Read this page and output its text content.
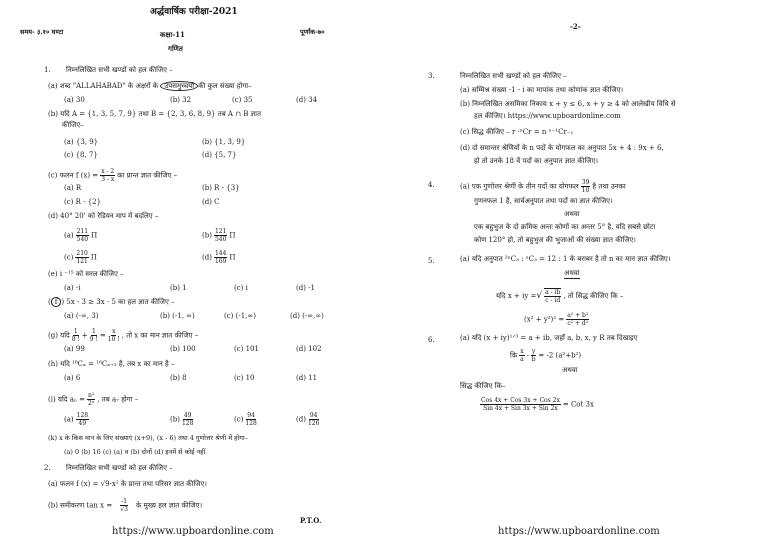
अर्द्धवार्षिक परीक्षा-2021
समय- ३.१० घण्टा	कक्षा-11	पूर्णांक-७०
गणित
1. निम्नलिखित सभी खण्डों को हल कीजिए –
(a) शब्द "ALLAHABAD" के अक्षरों के उपसमुच्चयों की कुल संख्या होगा–
(a) 30	(b) 32	(c) 35	(d) 34
(b) यदि A = {1, 3, 5, 7, 9} तथा B = {2, 3, 6, 8, 9} तब A ∩ B ज्ञात
कीजिए–
(a) {3, 9}	(b) {1, 3, 9}
(c) {8, 7}	(d) {5, 7}
(c) फलन f $(x) = \frac{x - 2}{3 - x}$ का प्रान्त ज्ञात कीजिए –
(a) R	(b) R - {3}
(c) R - {2}	(d) C
(d) 40° 20' को रेडियन माप में बदलिए –
$(a) \frac{211}{540}$ Π	$(b) \frac{121}{540}$ Π
$(c) \frac{210}{121}$ Π	$(d) \frac{144}{169}$ Π
(e) i ⁻¹⁵ को सरल कीजिए –
(a) -i	(b) 1	(c) i	(d) -1
( f ) 5x - 3 ≥ 3x - 5 का हल ज्ञात कीजिए –
(a) (-∞, 3)	(b) (-1, ∞)	(c) (-1,∞)	(d) (-∞,∞)
(g) यदि $\frac{1}{8 !} + \frac{1}{9 !} = \frac{x}{10 !}$ , तो x का मान ज्ञात कीजिए –
(a) 99	(b) 100	(c) 101	(d) 102
(h) यदि ¹⁸Cₓ = ¹⁸Cₓ₊₂ है, तब x का मान है –
(a) 6	(b) 8	(c) 10	(d) 11
(i) यदि $a_n = \frac{\text{n²}}{\text{2ⁿ}}$ , तब a₇ होगा –
$(a) \frac{128}{49}$	$(b) \frac{49}{128}$	$(c) \frac{94}{128}$	$(d) \frac{94}{126}$
(k) x के किस मान के लिए संख्याएं (x+9), (x - 6) तथा 4 गुणोत्तर श्रेणी में होगा–
(a) 0 (b) 16 (c) (a) व (b) दोनों (d) इनमें से कोई नहीं
2. निम्नलिखित सभी खण्डों को हल कीजिए –
(a) फलन f (x) = √9-x² के प्रान्त तथा परिसर ज्ञात कीजिए।
(b) समीकरण $\tan x = \frac{-1}{√3}$ के मुख्य हल ज्ञात कीजिए।
P.T.O.
https://www.upboardonline.com
-2-
3.	निम्नलिखित सभी खण्डों को हल कीजिए –
(a) सम्मिश्र संख्या -1 - i का मापांक तथा कोणांक ज्ञात कीजिए।
(b) निम्नलिखित असमिका निकाय x + y ≤ 6, x + y ≥ 4 को आलेखीय विधि से
हल कीजिए। https://www.upboardonline.com
(c) सिद्ध कीजिए – r ·ⁿCr = n ⁿ⁻¹Cr₋₁
(d) दो समान्तर श्रेणियों के n पदों के योगफल का अनुपात 5x + 4 : 9x + 6,
हो तो उनके 18 वें पदों का अनुपात ज्ञात कीजिए।
4.	(a) एक गुणोत्तर श्रेणी के तीन पदों का योगफल $\frac{39}{10}$ है तथा उनका
गुणनफल 1 है, सार्वअनुपात तथा पदों का ज्ञात कीजिए।
अथवा
एक बहुभुज के दो क्रमिक अन्तः कोणों का अन्तर 5° है, यदि सबसे छोटा
कोण 120° हो, तो बहुभुज की भुजाओं की संख्या ज्ञात कीजिए।
5.	(a) यदि अनुपात ²ⁿC₃ : ⁿC₃ = 12 : 1 के बराबर है तो n का मान ज्ञात कीजिए।
अथवा
यदि x + iy =√ $\frac{a - ib}{c - id}$ , तो सिद्ध कीजिए कि –
$(x^2 + y^2)^2 = \frac{\text{a² + b²}}{\text{c² + d²}}$
6.	(a) यदि (x + iy)¹ᐟ³ = a + ib, जहाँ a, b, x, y R तब दिखाइए
कि $\frac{x}{a} - \frac{y}{b} = -2$ (a²+b²)
अथवा
सिद्ध कीजिए कि–
$\frac{\text{Cos 4x + Cos 3x + Cos 2x}}{\text{Sin 4x + Sin 3x + Sin 2x}}$ = Cot 3x
https://www.upboardonline.com
